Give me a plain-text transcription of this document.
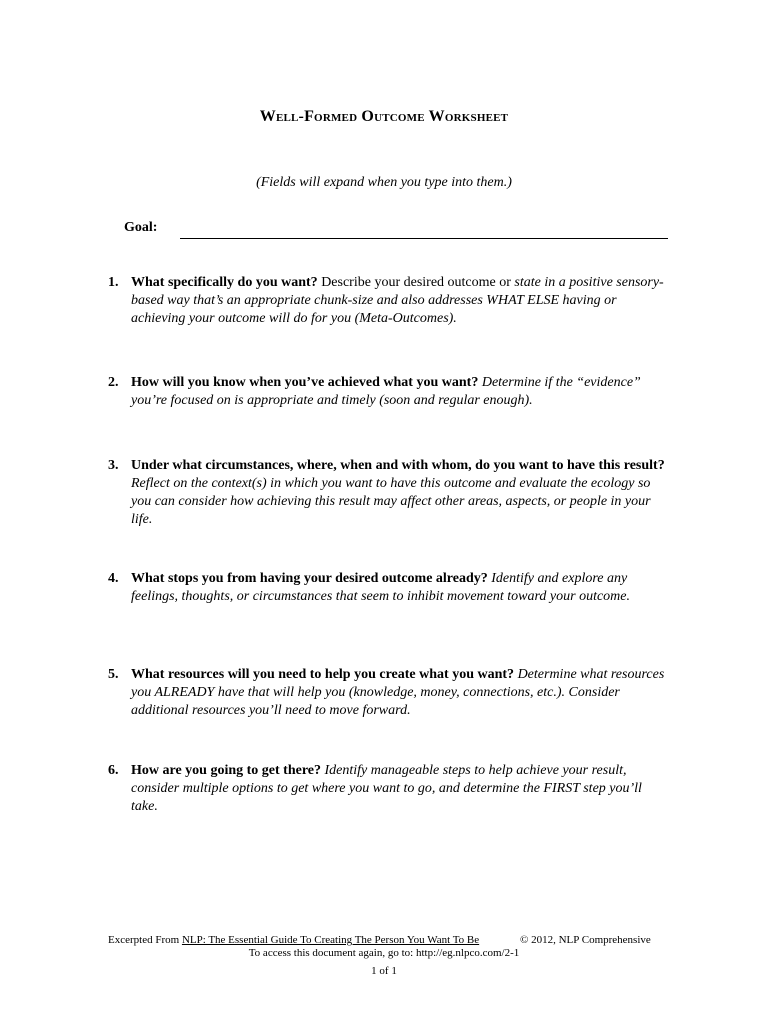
Well-Formed Outcome Worksheet
(Fields will expand when you type into them.)
Goal:
1. What specifically do you want? Describe your desired outcome or state in a positive sensory-based way that’s an appropriate chunk-size and also addresses WHAT ELSE having or achieving your outcome will do for you (Meta-Outcomes).
2. How will you know when you’ve achieved what you want? Determine if the “evidence” you’re focused on is appropriate and timely (soon and regular enough).
3. Under what circumstances, where, when and with whom, do you want to have this result? Reflect on the context(s) in which you want to have this outcome and evaluate the ecology so you can consider how achieving this result may affect other areas, aspects, or people in your life.
4. What stops you from having your desired outcome already? Identify and explore any feelings, thoughts, or circumstances that seem to inhibit movement toward your outcome.
5. What resources will you need to help you create what you want? Determine what resources you ALREADY have that will help you (knowledge, money, connections, etc.). Consider additional resources you’ll need to move forward.
6. How are you going to get there? Identify manageable steps to help achieve your result, consider multiple options to get where you want to go, and determine the FIRST step you’ll take.
Excerpted From NLP: The Essential Guide To Creating The Person You Want To Be	© 2012, NLP Comprehensive
To access this document again, go to: http://eg.nlpco.com/2-1
1 of 1
